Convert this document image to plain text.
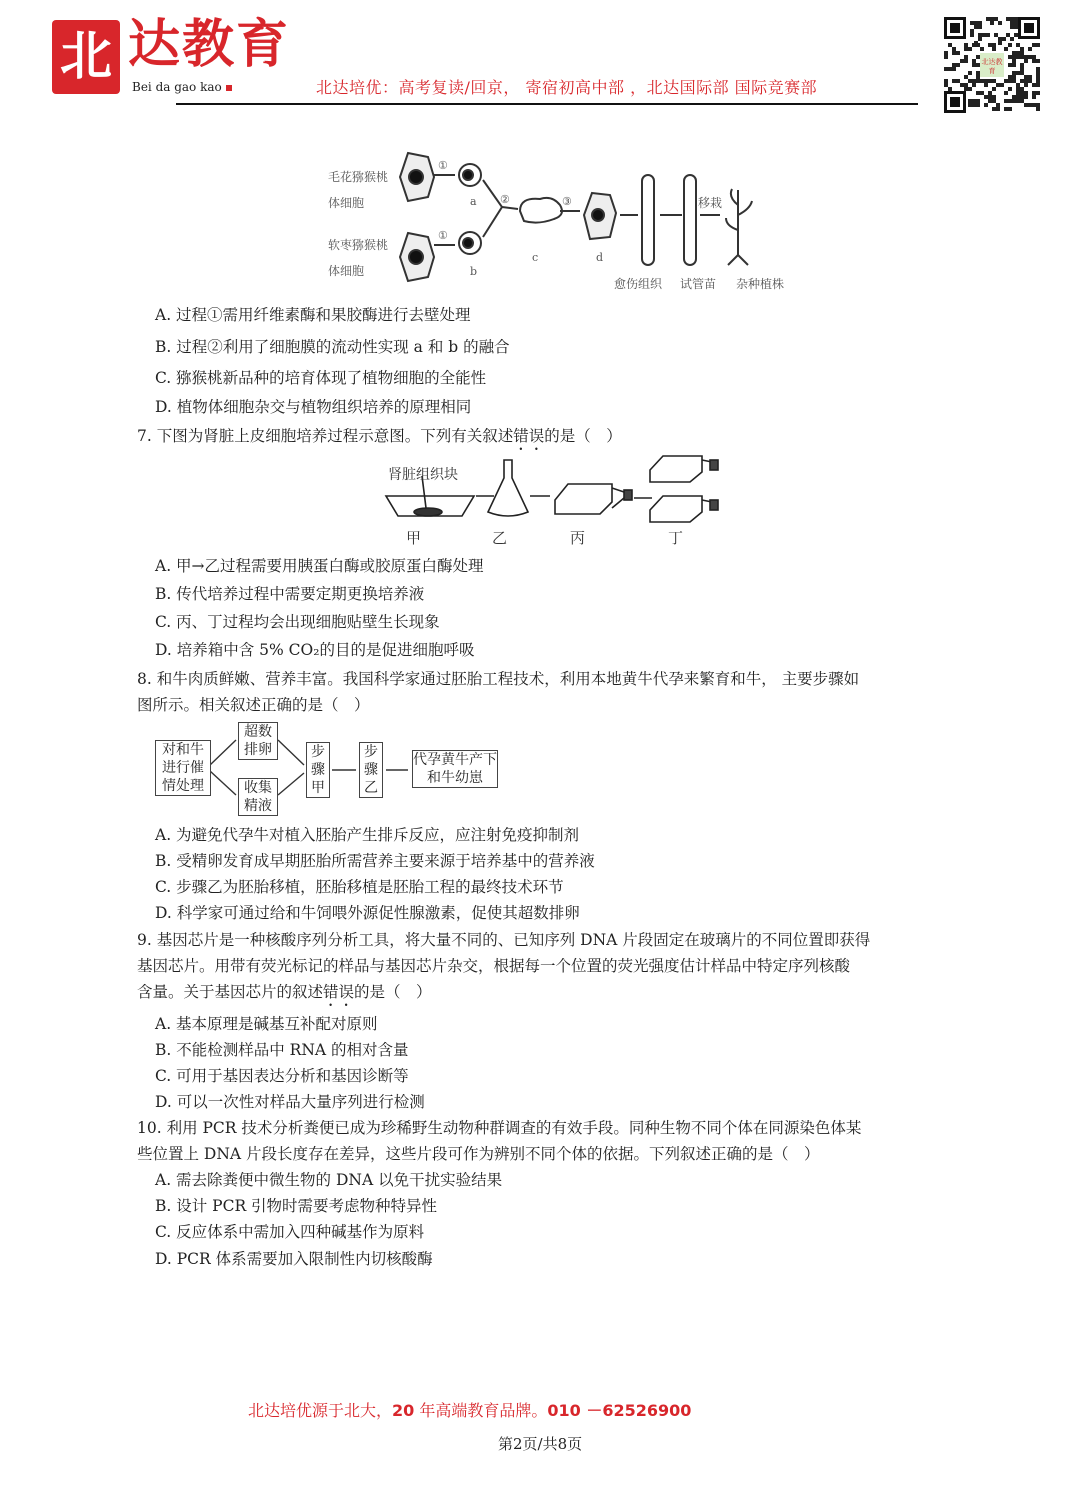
北 达教育
Bei da gao kao	北达培优：高考复读/回京， 寄宿初高中部 ，北达国际部 国际竞赛部
北达教育
毛花猕猴桃
体细胞
软枣猕猴桃
体细胞
a
b
c	d
①
①
②	③	移栽
愈伤组织 试管苗 杂种植株
A. 过程①需用纤维素酶和果胶酶进行去壁处理
B. 过程②利用了细胞膜的流动性实现 a 和 b 的融合
C. 猕猴桃新品种的培育体现了植物细胞的全能性
D. 植物体细胞杂交与植物组织培养的原理相同
7. 下图为肾脏上皮细胞培养过程示意图。下列有关叙述错误的是（　）
肾脏组织块
甲	乙	丙	丁
A. 甲→乙过程需要用胰蛋白酶或胶原蛋白酶处理
B. 传代培养过程中需要定期更换培养液
C. 丙、丁过程均会出现细胞贴壁生长现象
D. 培养箱中含 5% CO₂的目的是促进细胞呼吸
8. 和牛肉质鲜嫩、营养丰富。我国科学家通过胚胎工程技术，利用本地黄牛代孕来繁育和牛， 主要步骤如
图所示。相关叙述正确的是（　）
对和牛进行催情处理
超数排卵
收集精液
步骤甲
步骤乙
代孕黄牛产下和牛幼崽
A. 为避免代孕牛对植入胚胎产生排斥反应，应注射免疫抑制剂
B. 受精卵发育成早期胚胎所需营养主要来源于培养基中的营养液
C. 步骤乙为胚胎移植，胚胎移植是胚胎工程的最终技术环节
D. 科学家可通过给和牛饲喂外源促性腺激素，促使其超数排卵
9. 基因芯片是一种核酸序列分析工具，将大量不同的、已知序列 DNA 片段固定在玻璃片的不同位置即获得
基因芯片。用带有荧光标记的样品与基因芯片杂交，根据每一个位置的荧光强度估计样品中特定序列核酸
含量。关于基因芯片的叙述错误的是（　）
A. 基本原理是碱基互补配对原则
B. 不能检测样品中 RNA 的相对含量
C. 可用于基因表达分析和基因诊断等
D. 可以一次性对样品大量序列进行检测
10. 利用 PCR 技术分析粪便已成为珍稀野生动物种群调查的有效手段。同种生物不同个体在同源染色体某
些位置上 DNA 片段长度存在差异，这些片段可作为辨别不同个体的依据。下列叙述正确的是（　）
A. 需去除粪便中微生物的 DNA 以免干扰实验结果
B. 设计 PCR 引物时需要考虑物种特异性
C. 反应体系中需加入四种碱基作为原料
D. PCR 体系需要加入限制性内切核酸酶
北达培优源于北大，20 年高端教育品牌。010 －62526900
第2页/共8页
